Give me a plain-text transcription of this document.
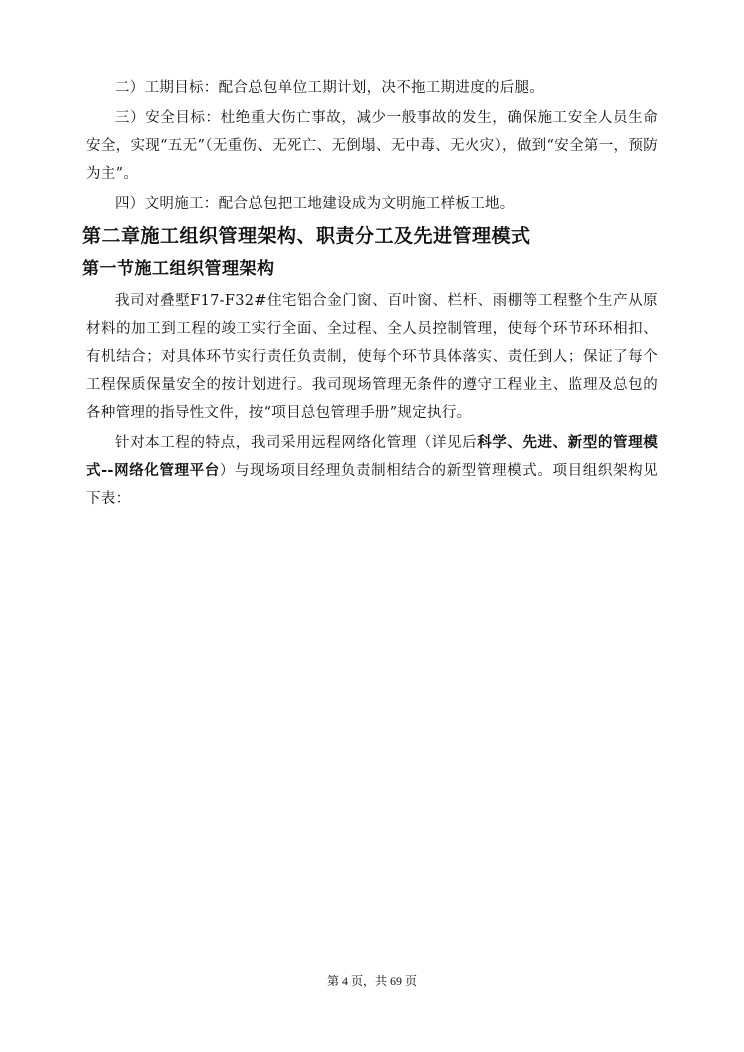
二）工期目标：配合总包单位工期计划，决不拖工期进度的后腿。

三）安全目标：杜绝重大伤亡事故，减少一般事故的发生，确保施工安全人员生命安全，实现“五无”（无重伤、无死亡、无倒塌、无中毒、无火灾），做到“安全第一，预防为主”。

四）文明施工：配合总包把工地建设成为文明施工样板工地。

第二章施工组织管理架构、职责分工及先进管理模式
第一节施工组织管理架构

我司对叠墅F17-F32#住宅铝合金门窗、百叶窗、栏杆、雨棚等工程整个生产从原材料的加工到工程的竣工实行全面、全过程、全人员控制管理，使每个环节环环相扣、有机结合；对具体环节实行责任负责制，使每个环节具体落实、责任到人；保证了每个工程保质保量安全的按计划进行。我司现场管理无条件的遵守工程业主、监理及总包的各种管理的指导性文件，按“项目总包管理手册”规定执行。

针对本工程的特点，我司采用远程网络化管理（详见后科学、先进、新型的管理模式--网络化管理平台）与现场项目经理负责制相结合的新型管理模式。项目组织架构见下表：

第 4 页，共 69 页
